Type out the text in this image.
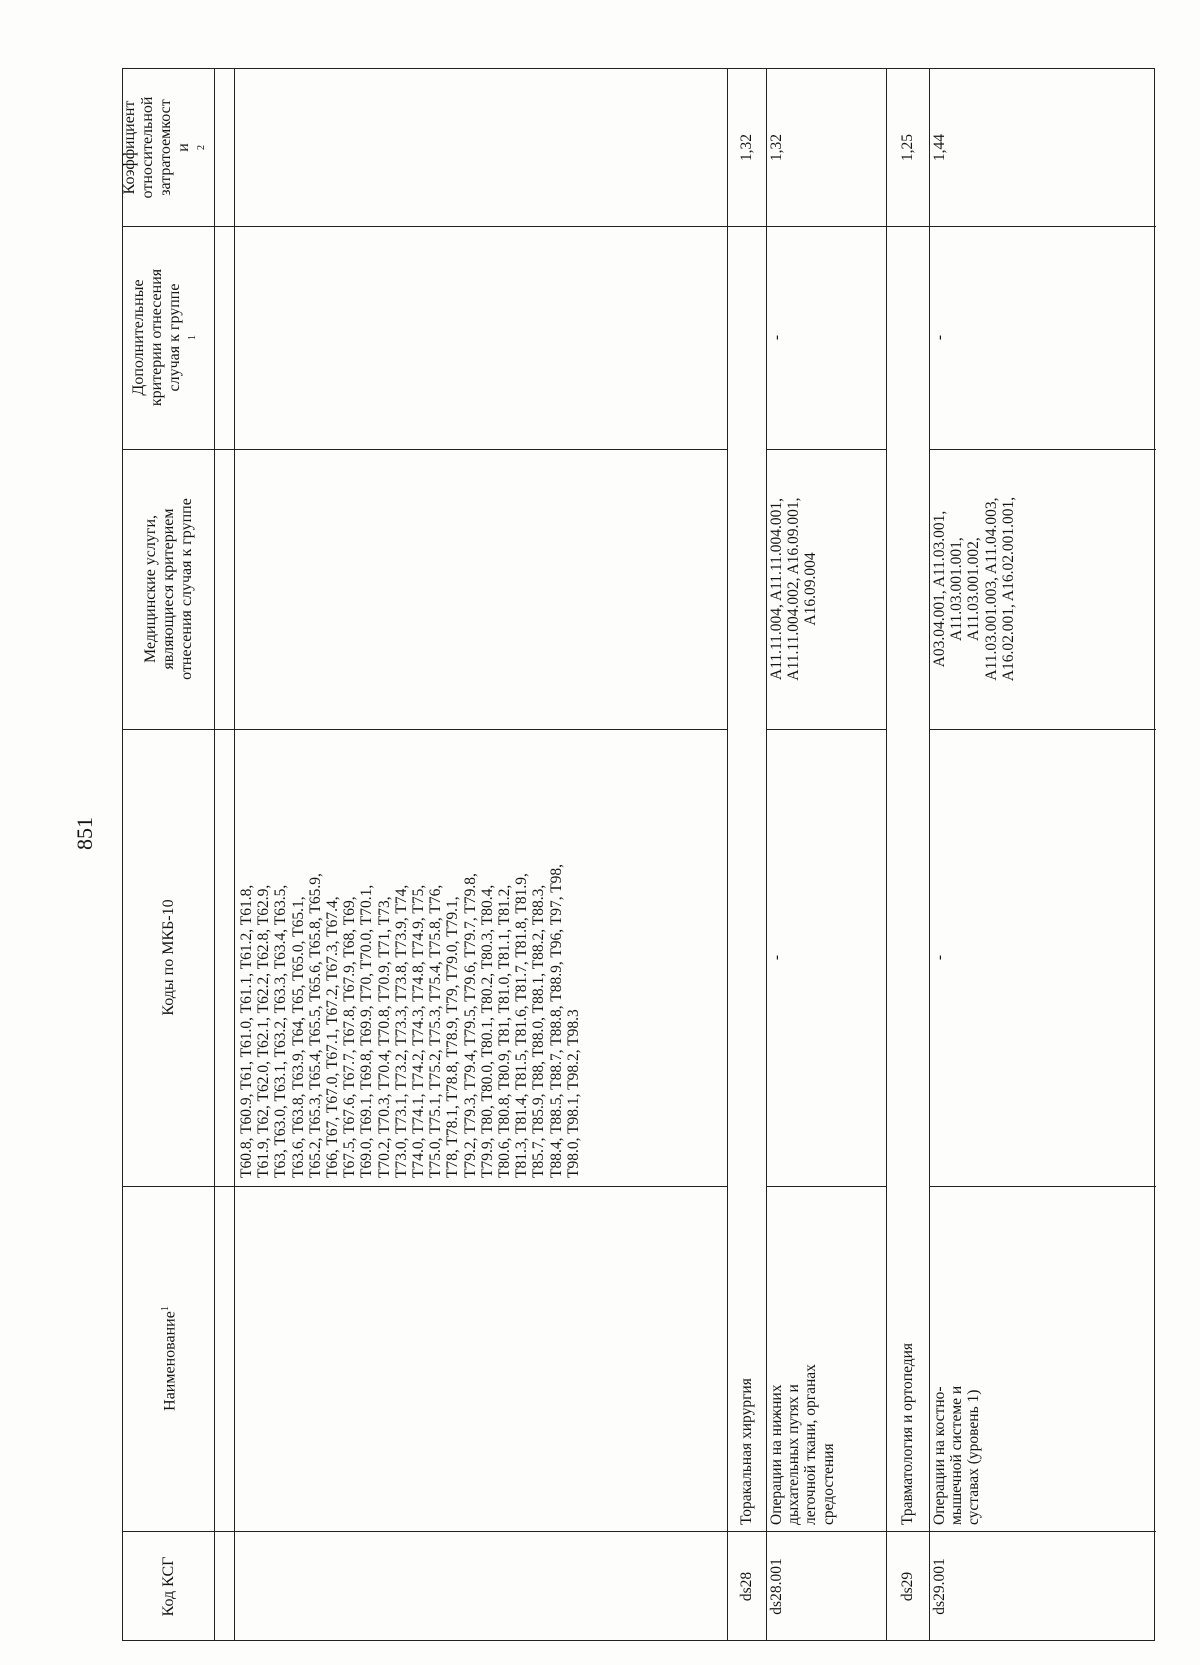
851
Коэффициент относительной затратоемкост и $^2$
Дополнительные критерии отнесения случая к группе $^1$
Медицинские услуги, являющиеся критерием отнесения случая к группе
Коды по МКБ-10
Наименование$^1$
Код КСГ
T60.8, T60.9, T61, T61.0, T61.1, T61.2, T61.8, T61.9, T62, T62.0, T62.1, T62.2, T62.8, T62.9, T63, T63.0, T63.1, T63.2, T63.3, T63.4, T63.5, T63.6, T63.8, T63.9, T64, T65, T65.0, T65.1, T65.2, T65.3, T65.4, T65.5, T65.6, T65.8, T65.9, T66, T67, T67.0, T67.1, T67.2, T67.3, T67.4, T67.5, T67.6, T67.7, T67.8, T67.9, T68, T69, T69.0, T69.1, T69.8, T69.9, T70, T70.0, T70.1, T70.2, T70.3, T70.4, T70.8, T70.9, T71, T73, T73.0, T73.1, T73.2, T73.3, T73.8, T73.9, T74, T74.0, T74.1, T74.2, T74.3, T74.8, T74.9, T75, T75.0, T75.1, T75.2, T75.3, T75.4, T75.8, T76, T78, T78.1, T78.8, T78.9, T79, T79.0, T79.1, T79.2, T79.3, T79.4, T79.5, T79.6, T79.7, T79.8, T79.9, T80, T80.0, T80.1, T80.2, T80.3, T80.4, T80.6, T80.8, T80.9, T81, T81.0, T81.1, T81.2, T81.3, T81.4, T81.5, T81.6, T81.7, T81.8, T81.9, T85.7, T85.9, T88, T88.0, T88.1, T88.2, T88.3, T88.4, T88.5, T88.7, T88.8, T88.9, T96, T97, T98, T98.0, T98.1, T98.2, T98.3
ds28
Торакальная хирургия
1,32
ds28.001
Операции на нижних дыхательных путях и легочной ткани, органах средостения
-
A11.11.004, A11.11.004.001, A11.11.004.002, A16.09.001, A16.09.004
-
1,32
ds29
Травматология и ортопедия
1,25
ds29.001
Операции на костно- мышечной системе и суставах (уровень 1)
-
A03.04.001, A11.03.001, A11.03.001.001, A11.03.001.002, A11.03.001.003, A11.04.003, A16.02.001, A16.02.001.001,
-
1,44
